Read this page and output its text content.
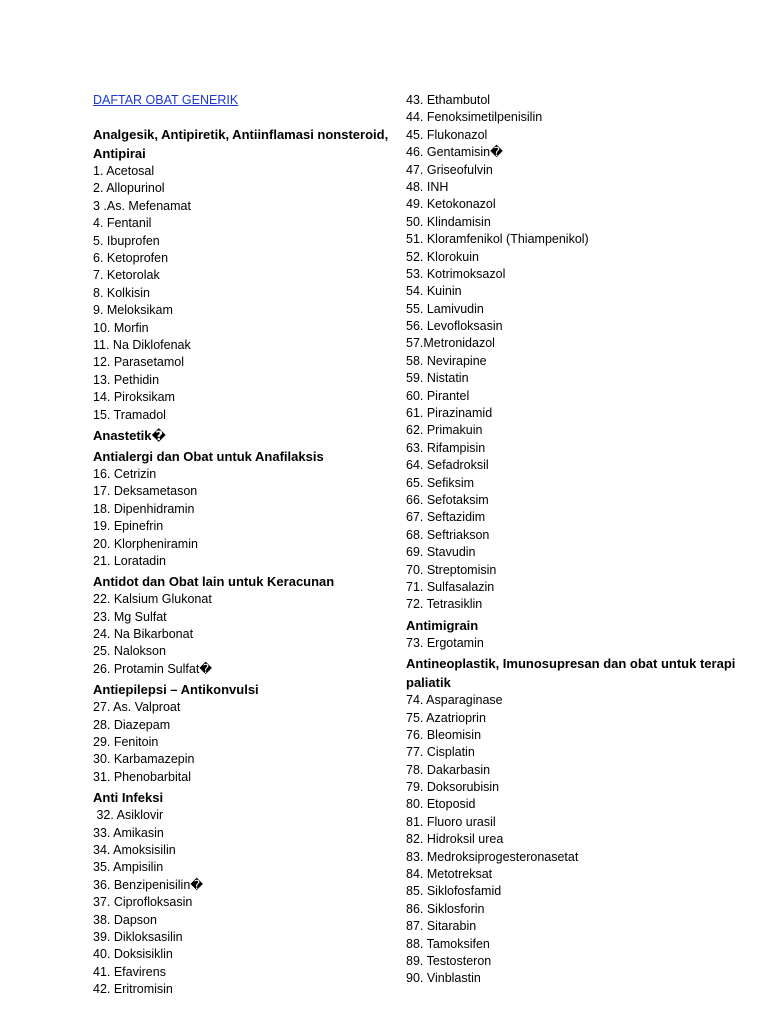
DAFTAR OBAT GENERIK
Analgesik, Antipiretik, Antiinflamasi nonsteroid, Antipirai
1. Acetosal
2. Allopurinol
3 .As. Mefenamat
4. Fentanil
5. Ibuprofen
6. Ketoprofen
7. Ketorolak
8. Kolkisin
9. Meloksikam
10. Morfin
11. Na Diklofenak
12. Parasetamol
13. Pethidin
14. Piroksikam
15. Tramadol
Anastetik�
Antialergi dan Obat untuk Anafilaksis
16. Cetrizin
17. Deksametason
18. Dipenhidramin
19. Epinefrin
20. Klorpheniramin
21. Loratadin
Antidot dan Obat lain untuk Keracunan
22. Kalsium Glukonat
23. Mg Sulfat
24. Na Bikarbonat
25. Nalokson
26. Protamin Sulfat�
Antiepilepsi – Antikonvulsi
27. As. Valproat
28. Diazepam
29. Fenitoin
30. Karbamazepin
31. Phenobarbital
Anti Infeksi
32. Asiklovir
33. Amikasin
34. Amoksisilin
35. Ampisilin
36. Benzipenisilin�
37. Ciprofloksasin
38. Dapson
39. Dikloksasilin
40. Doksisiklin
41. Efavirens
42. Eritromisin
43. Ethambutol
44. Fenoksimetilpenisilin
45. Flukonazol
46. Gentamisin�
47. Griseofulvin
48. INH
49. Ketokonazol
50. Klindamisin
51. Kloramfenikol (Thiampenikol)
52. Klorokuin
53. Kotrimoksazol
54. Kuinin
55. Lamivudin
56. Levofloksasin
57.Metronidazol
58. Nevirapine
59. Nistatin
60. Pirantel
61. Pirazinamid
62. Primakuin
63. Rifampisin
64. Sefadroksil
65. Sefiksim
66. Sefotaksim
67. Seftazidim
68. Seftriakson
69. Stavudin
70. Streptomisin
71. Sulfasalazin
72. Tetrasiklin
Antimigrain
73. Ergotamin
Antineoplastik, Imunosupresan dan obat untuk terapi paliatik
74. Asparaginase
75. Azatrioprin
76. Bleomisin
77. Cisplatin
78. Dakarbasin
79. Doksorubisin
80. Etoposid
81. Fluoro urasil
82. Hidroksil urea
83. Medroksiprogesteronasetat
84. Metotreksat
85. Siklofosfamid
86. Siklosforin
87. Sitarabin
88. Tamoksifen
89. Testosteron
90. Vinblastin
